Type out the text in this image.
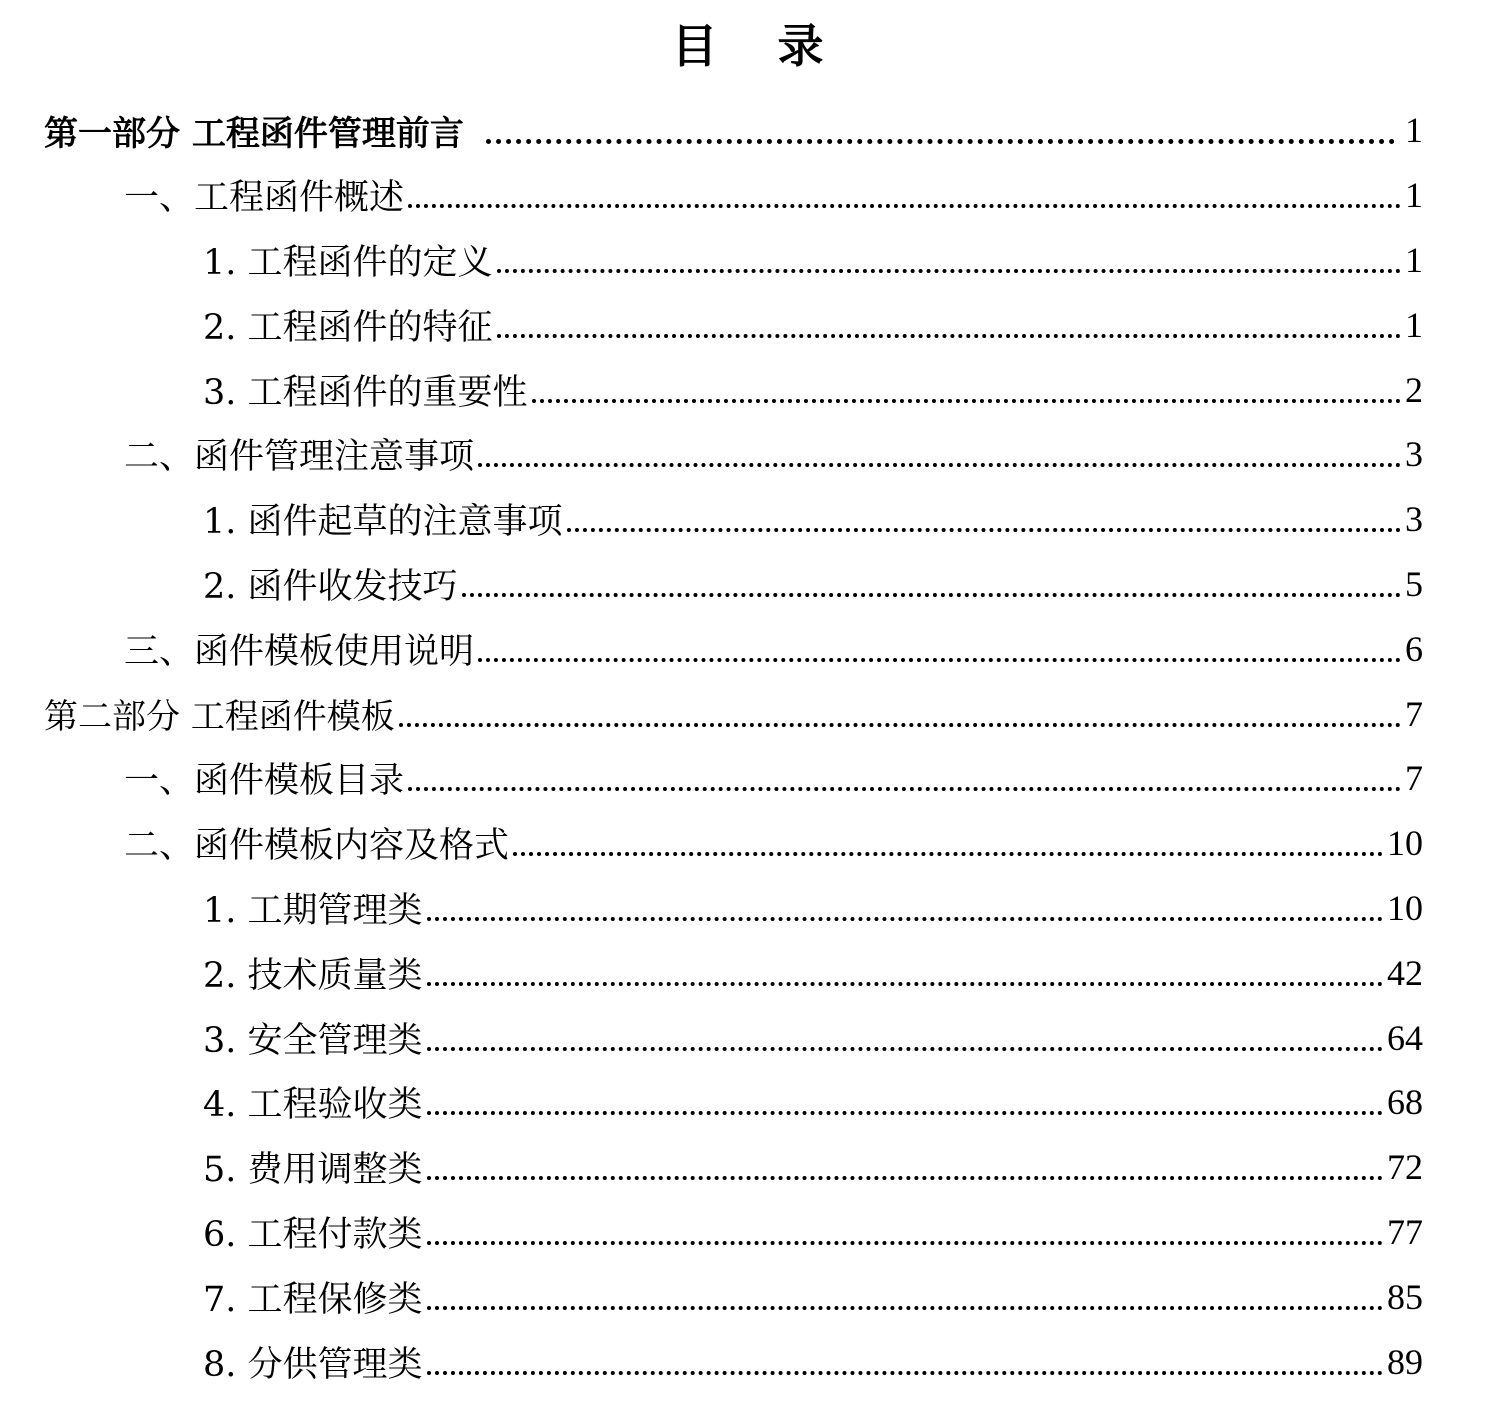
目 录
第一部分 工程函件管理前言	1
一、工程函件概述	1
1. 工程函件的定义	1
2. 工程函件的特征	1
3. 工程函件的重要性	2
二、函件管理注意事项	3
1. 函件起草的注意事项	3
2. 函件收发技巧	5
三、函件模板使用说明	6
第二部分 工程函件模板	7
一、函件模板目录	7
二、函件模板内容及格式	10
1. 工期管理类	10
2. 技术质量类	42
3. 安全管理类	64
4. 工程验收类	68
5. 费用调整类	72
6. 工程付款类	77
7. 工程保修类	85
8. 分供管理类	89
